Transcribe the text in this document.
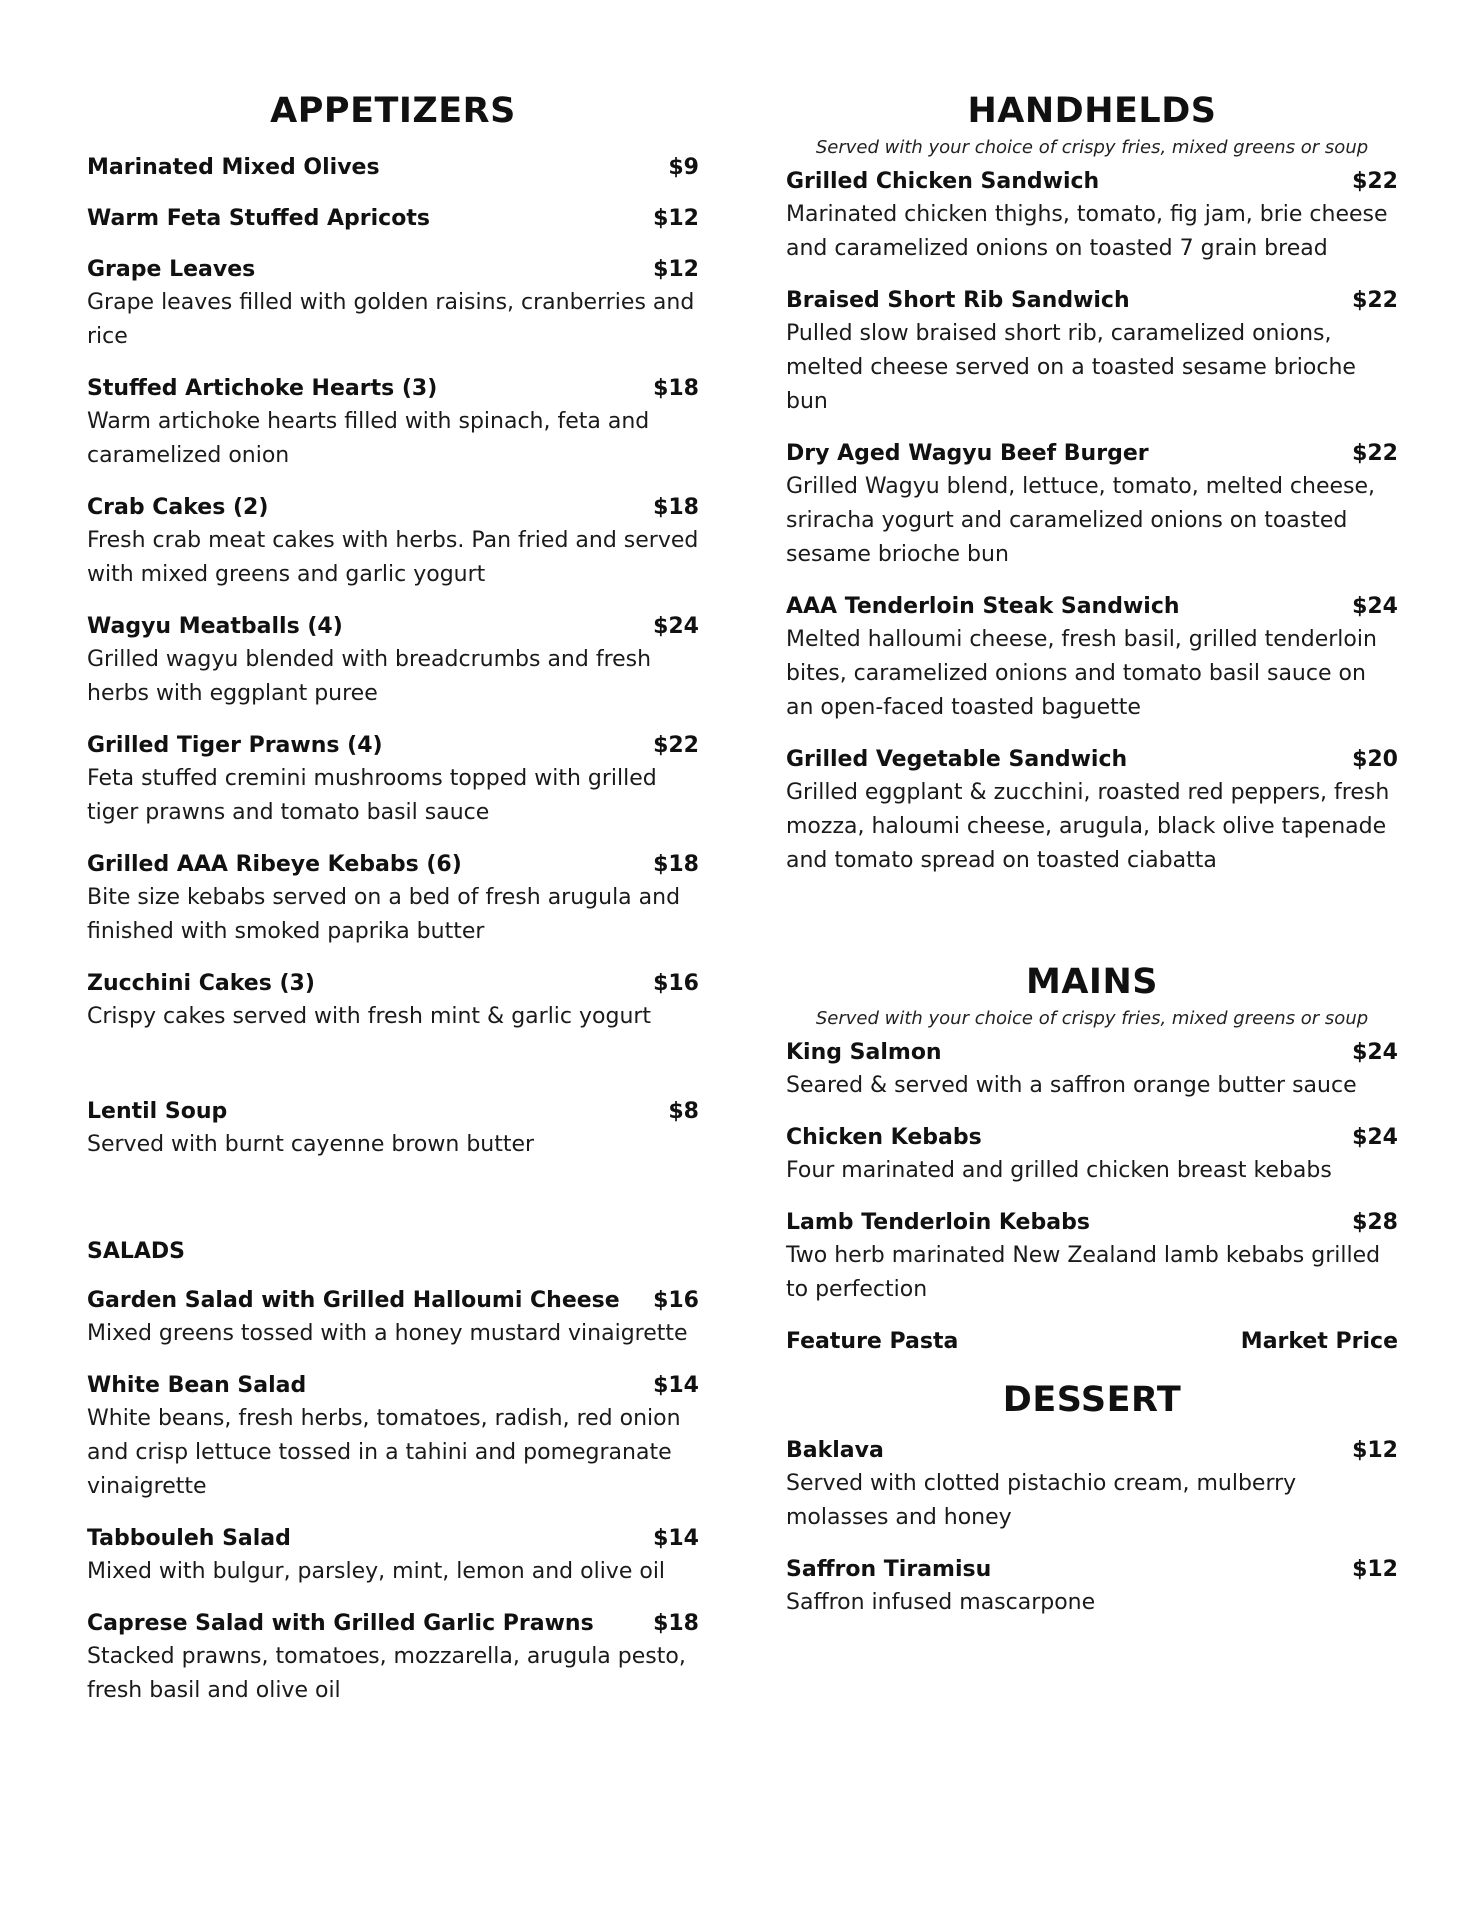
APPETIZERS
Marinated Mixed Olives	$9
Warm Feta Stuffed Apricots	$12
Grape Leaves	$12
Grape leaves filled with golden raisins, cranberries and rice
Stuffed Artichoke Hearts (3)	$18
Warm artichoke hearts filled with spinach, feta and caramelized onion
Crab Cakes (2)	$18
Fresh crab meat cakes with herbs. Pan fried and served with mixed greens and garlic yogurt
Wagyu Meatballs (4)	$24
Grilled wagyu blended with breadcrumbs and fresh herbs with eggplant puree
Grilled Tiger Prawns (4)	$22
Feta stuffed cremini mushrooms topped with grilled tiger prawns and tomato basil sauce
Grilled AAA Ribeye Kebabs (6)	$18
Bite size kebabs served on a bed of fresh arugula and finished with smoked paprika butter
Zucchini Cakes (3)	$16
Crispy cakes served with fresh mint & garlic yogurt
Lentil Soup	$8
Served with burnt cayenne brown butter
SALADS
Garden Salad with Grilled Halloumi Cheese	$16
Mixed greens tossed with a honey mustard vinaigrette
White Bean Salad	$14
White beans, fresh herbs, tomatoes, radish, red onion and crisp lettuce tossed in a tahini and pomegranate vinaigrette
Tabbouleh Salad	$14
Mixed with bulgur, parsley, mint, lemon and olive oil
Caprese Salad with Grilled Garlic Prawns	$18
Stacked prawns, tomatoes, mozzarella, arugula pesto, fresh basil and olive oil
HANDHELDS
Served with your choice of crispy fries, mixed greens or soup
Grilled Chicken Sandwich	$22
Marinated chicken thighs, tomato, fig jam, brie cheese and caramelized onions on toasted 7 grain bread
Braised Short Rib Sandwich	$22
Pulled slow braised short rib, caramelized onions, melted cheese served on a toasted sesame brioche bun
Dry Aged Wagyu Beef Burger	$22
Grilled Wagyu blend, lettuce, tomato, melted cheese, sriracha yogurt and caramelized onions on toasted sesame brioche bun
AAA Tenderloin Steak Sandwich	$24
Melted halloumi cheese, fresh basil, grilled tenderloin bites, caramelized onions and tomato basil sauce on an open-faced toasted baguette
Grilled Vegetable Sandwich	$20
Grilled eggplant & zucchini, roasted red peppers, fresh mozza, haloumi cheese, arugula, black olive tapenade and tomato spread on toasted ciabatta
MAINS
Served with your choice of crispy fries, mixed greens or soup
King Salmon	$24
Seared & served with a saffron orange butter sauce
Chicken Kebabs	$24
Four marinated and grilled chicken breast kebabs
Lamb Tenderloin Kebabs	$28
Two herb marinated New Zealand lamb kebabs grilled to perfection
Feature Pasta	Market Price
DESSERT
Baklava	$12
Served with clotted pistachio cream, mulberry molasses and honey
Saffron Tiramisu	$12
Saffron infused mascarpone
